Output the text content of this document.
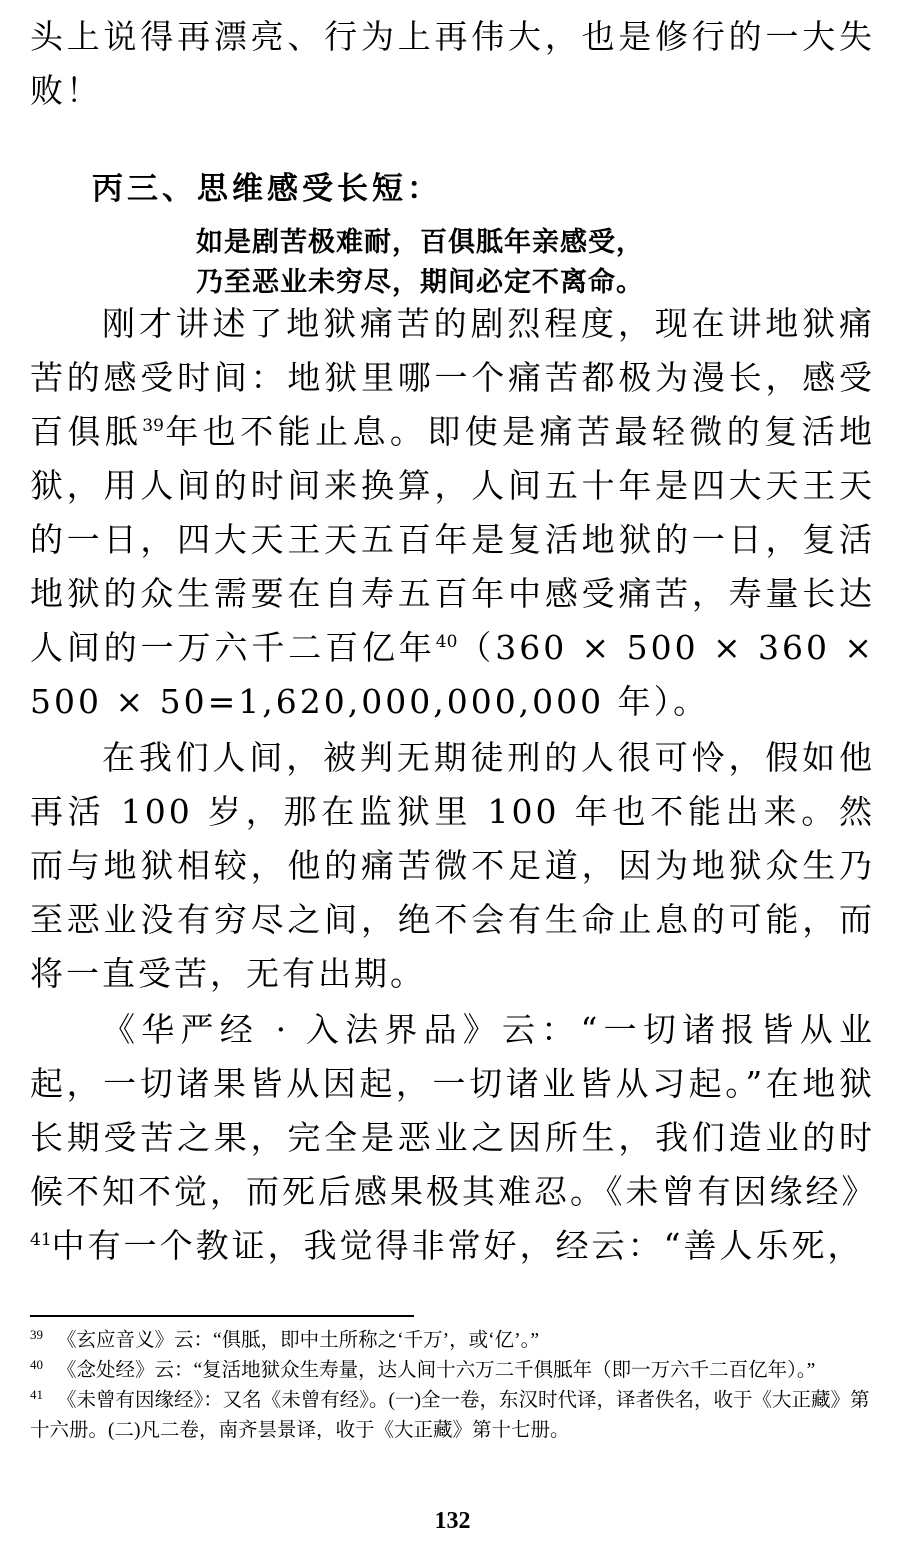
头上说得再漂亮、行为上再伟大，也是修行的一大失败！

丙三、思维感受长短：
如是剧苦极难耐，百俱胝年亲感受，
乃至恶业未穷尽，期间必定不离命。

刚才讲述了地狱痛苦的剧烈程度，现在讲地狱痛苦的感受时间：地狱里哪一个痛苦都极为漫长，感受百俱胝$^{39}$年也不能止息。即使是痛苦最轻微的复活地狱，用人间的时间来换算，人间五十年是四大天王天的一日，四大天王天五百年是复活地狱的一日，复活地狱的众生需要在自寿五百年中感受痛苦，寿量长达人间的一万六千二百亿年$^{40}$（360 × 500 × 360 × 500 × 50=1,620,000,000,000 年）。

在我们人间，被判无期徒刑的人很可怜，假如他再活 100 岁，那在监狱里 100 年也不能出来。然而与地狱相较，他的痛苦微不足道，因为地狱众生乃至恶业没有穷尽之间，绝不会有生命止息的可能，而将一直受苦，无有出期。

《华严经 · 入法界品》云：“一切诸报皆从业起，一切诸果皆从因起，一切诸业皆从习起。”在地狱长期受苦之果，完全是恶业之因所生，我们造业的时候不知不觉，而死后感果极其难忍。《未曾有因缘经》$^{41}$中有一个教证，我觉得非常好，经云：“善人乐死，

$^{39}$ 《玄应音义》云：“俱胝，即中土所称之‘千万’，或‘亿’。”

$^{40}$ 《念处经》云：“复活地狱众生寿量，达人间十六万二千俱胝年（即一万六千二百亿年）。”

$^{41}$ 《未曾有因缘经》：又名《未曾有经》。(一)全一卷，东汉时代译，译者佚名，收于《大正藏》第十六册。(二)凡二卷，南齐昙景译，收于《大正藏》第十七册。

132
